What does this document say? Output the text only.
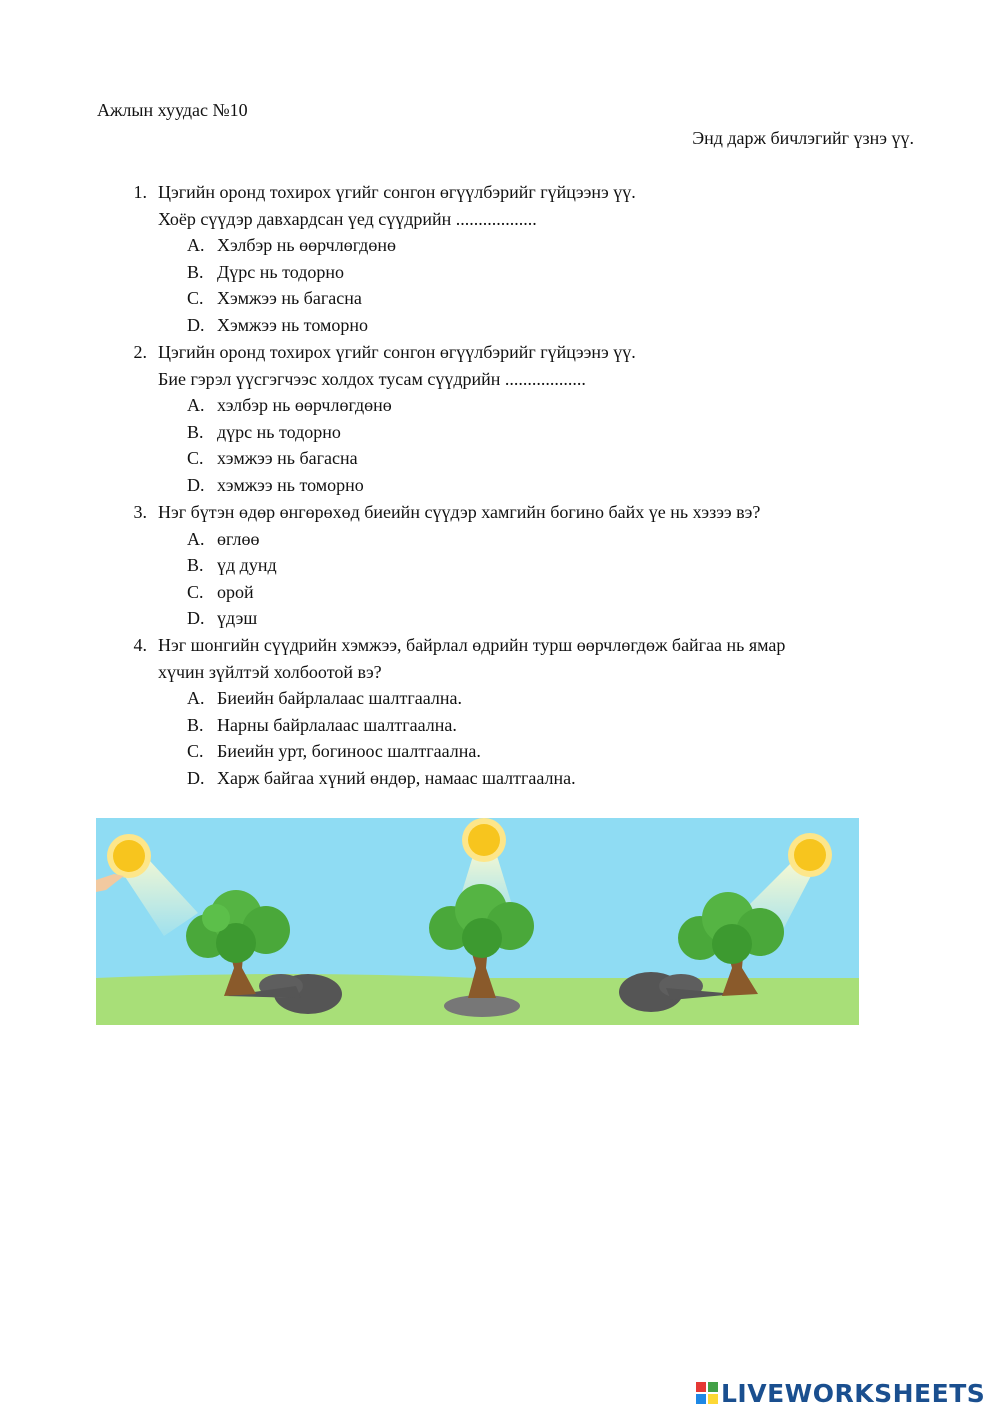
Ажлын хуудас №10
Энд дарж бичлэгийг үзнэ үү.
1. Цэгийн оронд тохирох үгийг сонгон өгүүлбэрийг гүйцээнэ үү.
Хоёр сүүдэр давхардсан үед сүүдрийн ..................
A. Хэлбэр нь өөрчлөгдөнө
B. Дүрс нь тодорно
C. Хэмжээ нь багасна
D. Хэмжээ нь томорно
2. Цэгийн оронд тохирох үгийг сонгон өгүүлбэрийг гүйцээнэ үү.
Бие гэрэл үүсгэгчээс холдох тусам сүүдрийн ..................
A. хэлбэр нь өөрчлөгдөнө
B. дүрс нь тодорно
C. хэмжээ нь багасна
D. хэмжээ нь томорно
3. Нэг бүтэн өдөр өнгөрөхөд биеийн сүүдэр хамгийн богино байх үе нь хэзээ вэ?
A. өглөө
B. үд дунд
C. орой
D. үдэш
4. Нэг шонгийн сүүдрийн хэмжээ, байрлал өдрийн турш өөрчлөгдөж байгаа нь ямар
хүчин зүйлтэй холбоотой вэ?
A. Биеийн байрлалаас шалтгаална.
B. Нарны байрлалаас шалтгаална.
C. Биеийн урт, богиноос шалтгаална.
D. Харж байгаа хүний өндөр, намаас шалтгаална.
LIVEWORKSHEETS
